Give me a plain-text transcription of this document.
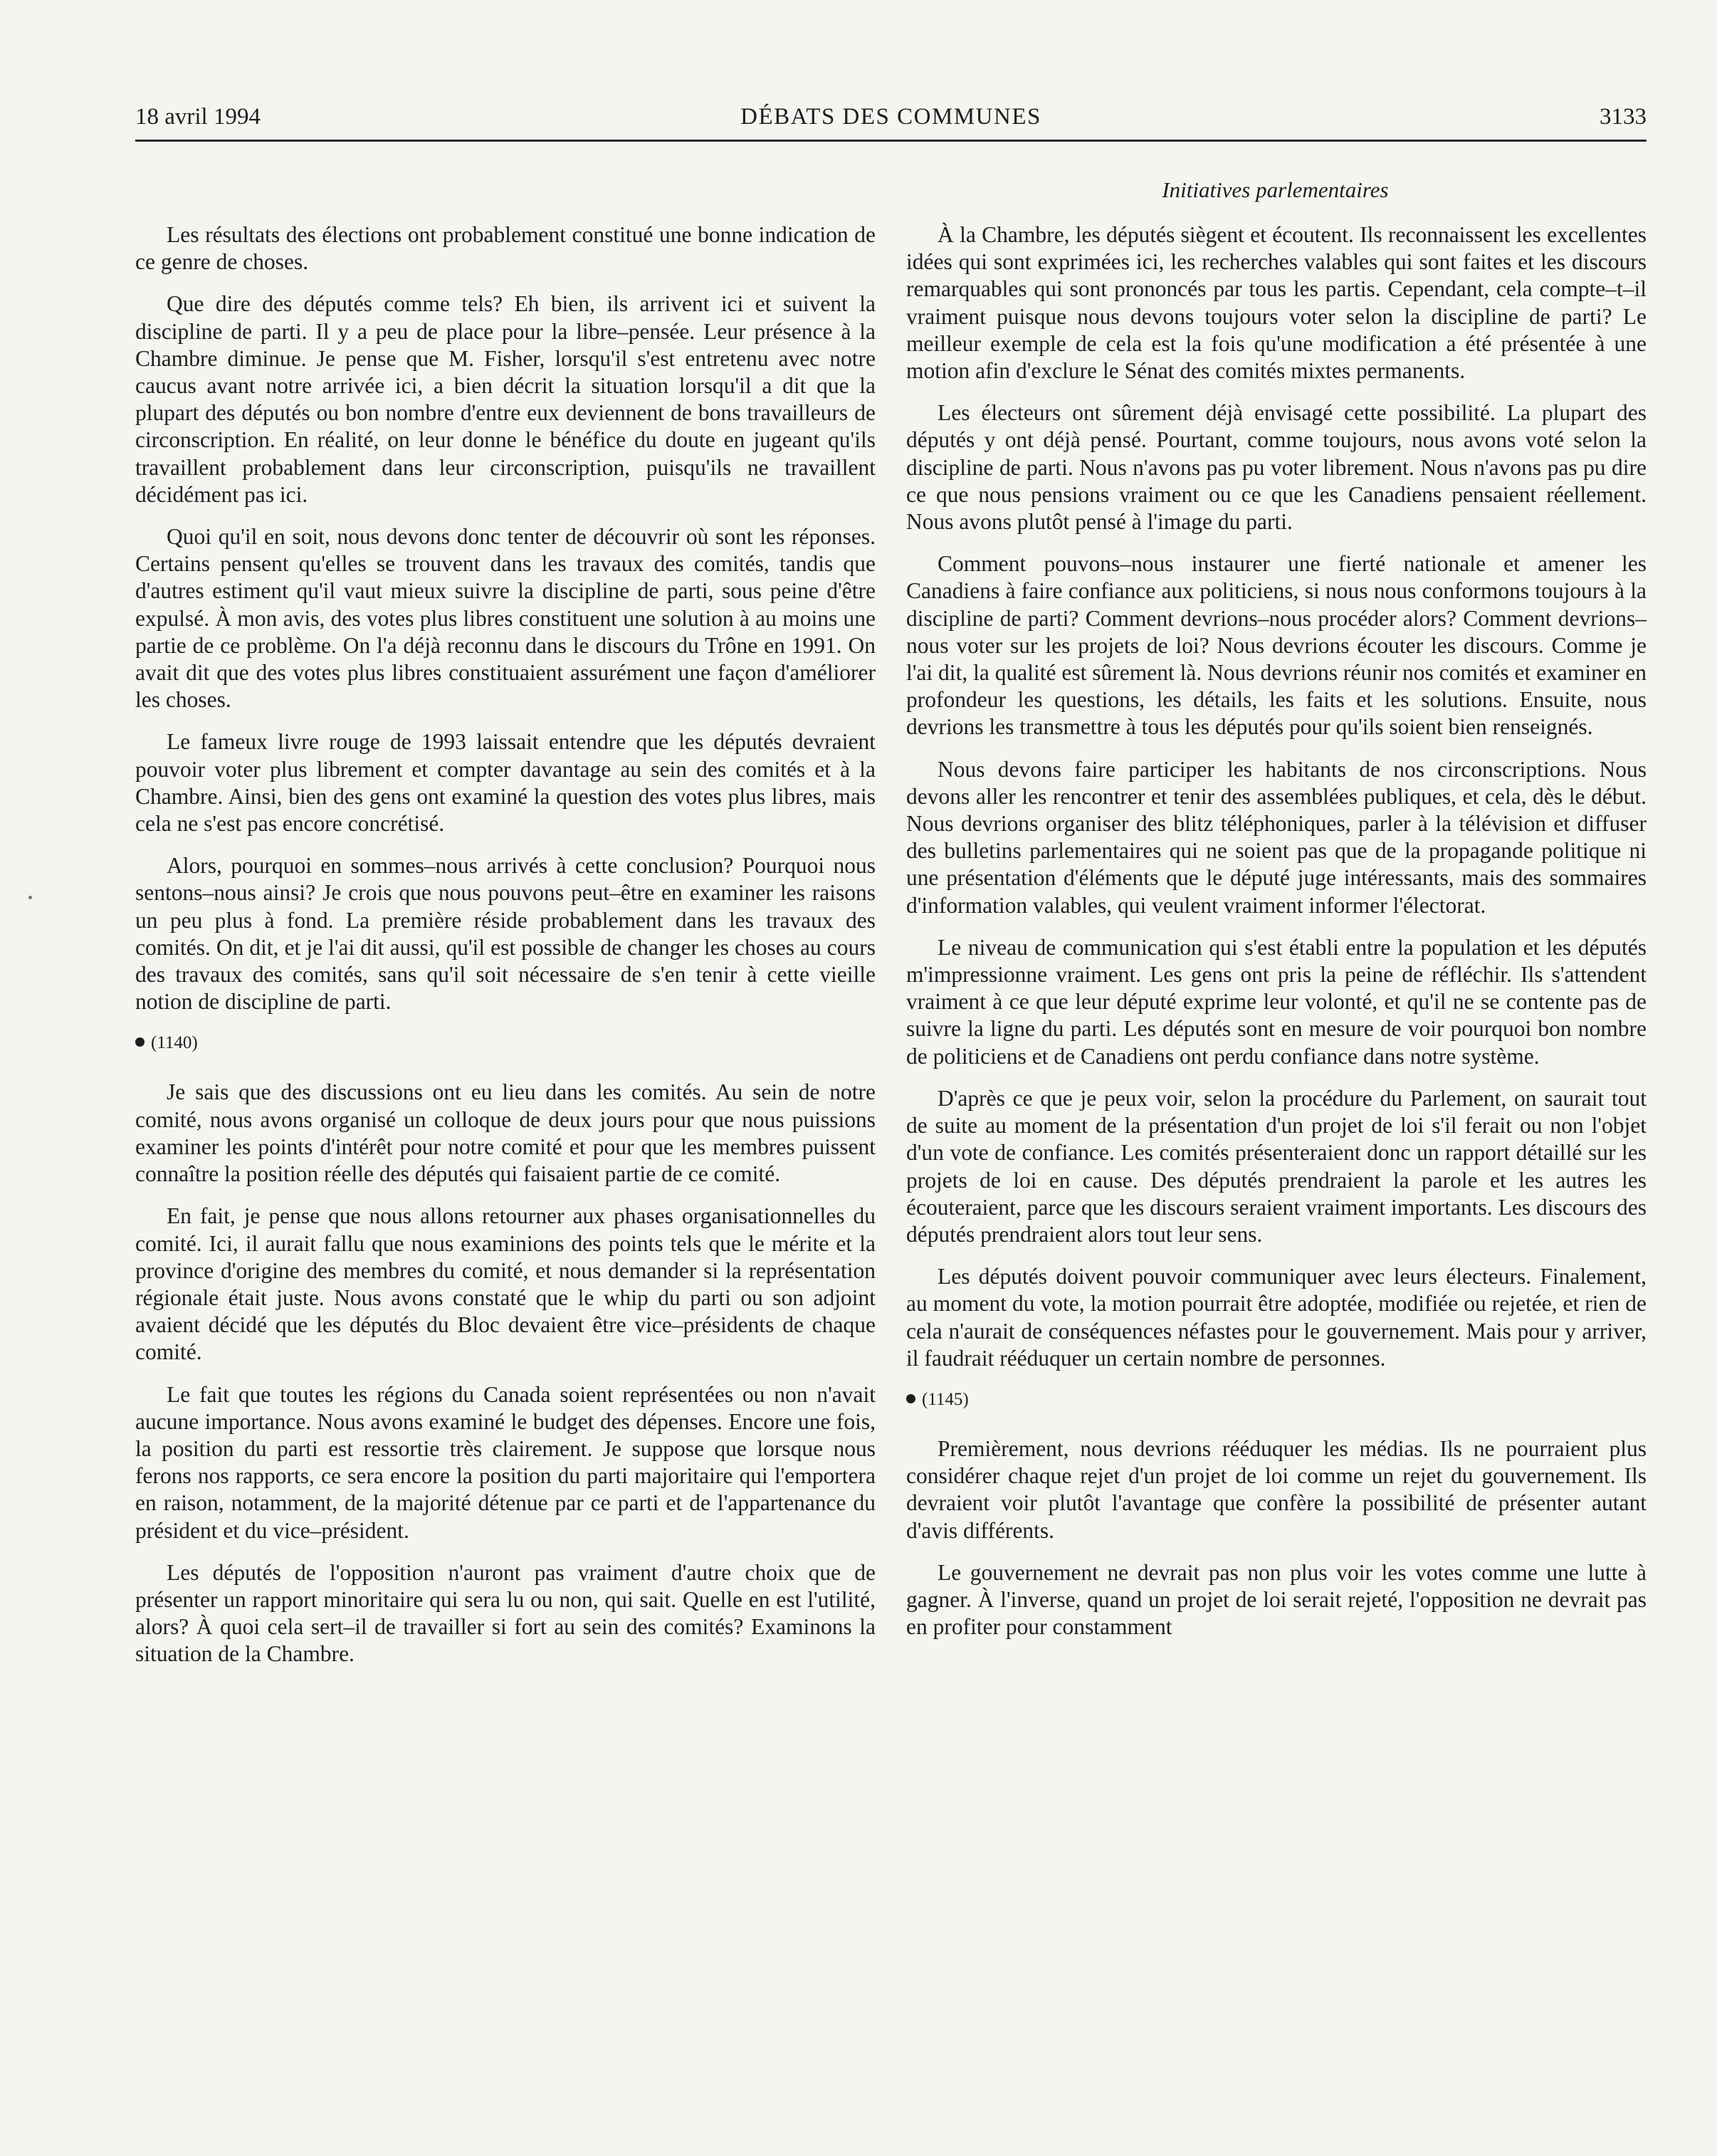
18 avril 1994	DÉBATS DES COMMUNES	3133
Initiatives parlementaires

Les résultats des élections ont probablement constitué une bonne indication de ce genre de choses.

Que dire des députés comme tels? Eh bien, ils arrivent ici et suivent la discipline de parti. Il y a peu de place pour la libre–pensée. Leur présence à la Chambre diminue. Je pense que M. Fisher, lorsqu'il s'est entretenu avec notre caucus avant notre arrivée ici, a bien décrit la situation lorsqu'il a dit que la plupart des députés ou bon nombre d'entre eux deviennent de bons travailleurs de circonscription. En réalité, on leur donne le bénéfice du doute en jugeant qu'ils travaillent probablement dans leur circonscription, puisqu'ils ne travaillent décidément pas ici.

Quoi qu'il en soit, nous devons donc tenter de découvrir où sont les réponses. Certains pensent qu'elles se trouvent dans les travaux des comités, tandis que d'autres estiment qu'il vaut mieux suivre la discipline de parti, sous peine d'être expulsé. À mon avis, des votes plus libres constituent une solution à au moins une partie de ce problème. On l'a déjà reconnu dans le discours du Trône en 1991. On avait dit que des votes plus libres constituaient assurément une façon d'améliorer les choses.

Le fameux livre rouge de 1993 laissait entendre que les députés devraient pouvoir voter plus librement et compter davantage au sein des comités et à la Chambre. Ainsi, bien des gens ont examiné la question des votes plus libres, mais cela ne s'est pas encore concrétisé.

Alors, pourquoi en sommes–nous arrivés à cette conclusion? Pourquoi nous sentons–nous ainsi? Je crois que nous pouvons peut–être en examiner les raisons un peu plus à fond. La première réside probablement dans les travaux des comités. On dit, et je l'ai dit aussi, qu'il est possible de changer les choses au cours des travaux des comités, sans qu'il soit nécessaire de s'en tenir à cette vieille notion de discipline de parti.

(1140)

Je sais que des discussions ont eu lieu dans les comités. Au sein de notre comité, nous avons organisé un colloque de deux jours pour que nous puissions examiner les points d'intérêt pour notre comité et pour que les membres puissent connaître la position réelle des députés qui faisaient partie de ce comité.

En fait, je pense que nous allons retourner aux phases organisationnelles du comité. Ici, il aurait fallu que nous examinions des points tels que le mérite et la province d'origine des membres du comité, et nous demander si la représentation régionale était juste. Nous avons constaté que le whip du parti ou son adjoint avaient décidé que les députés du Bloc devaient être vice–présidents de chaque comité.

Le fait que toutes les régions du Canada soient représentées ou non n'avait aucune importance. Nous avons examiné le budget des dépenses. Encore une fois, la position du parti est ressortie très clairement. Je suppose que lorsque nous ferons nos rapports, ce sera encore la position du parti majoritaire qui l'emportera en raison, notamment, de la majorité détenue par ce parti et de l'appartenance du président et du vice–président.

Les députés de l'opposition n'auront pas vraiment d'autre choix que de présenter un rapport minoritaire qui sera lu ou non, qui sait. Quelle en est l'utilité, alors? À quoi cela sert–il de travailler si fort au sein des comités? Examinons la situation de la Chambre.

À la Chambre, les députés siègent et écoutent. Ils reconnaissent les excellentes idées qui sont exprimées ici, les recherches valables qui sont faites et les discours remarquables qui sont prononcés par tous les partis. Cependant, cela compte–t–il vraiment puisque nous devons toujours voter selon la discipline de parti? Le meilleur exemple de cela est la fois qu'une modification a été présentée à une motion afin d'exclure le Sénat des comités mixtes permanents.

Les électeurs ont sûrement déjà envisagé cette possibilité. La plupart des députés y ont déjà pensé. Pourtant, comme toujours, nous avons voté selon la discipline de parti. Nous n'avons pas pu voter librement. Nous n'avons pas pu dire ce que nous pensions vraiment ou ce que les Canadiens pensaient réellement. Nous avons plutôt pensé à l'image du parti.

Comment pouvons–nous instaurer une fierté nationale et amener les Canadiens à faire confiance aux politiciens, si nous nous conformons toujours à la discipline de parti? Comment devrions–nous procéder alors? Comment devrions–nous voter sur les projets de loi? Nous devrions écouter les discours. Comme je l'ai dit, la qualité est sûrement là. Nous devrions réunir nos comités et examiner en profondeur les questions, les détails, les faits et les solutions. Ensuite, nous devrions les transmettre à tous les députés pour qu'ils soient bien renseignés.

Nous devons faire participer les habitants de nos circonscriptions. Nous devons aller les rencontrer et tenir des assemblées publiques, et cela, dès le début. Nous devrions organiser des blitz téléphoniques, parler à la télévision et diffuser des bulletins parlementaires qui ne soient pas que de la propagande politique ni une présentation d'éléments que le député juge intéressants, mais des sommaires d'information valables, qui veulent vraiment informer l'électorat.

Le niveau de communication qui s'est établi entre la population et les députés m'impressionne vraiment. Les gens ont pris la peine de réfléchir. Ils s'attendent vraiment à ce que leur député exprime leur volonté, et qu'il ne se contente pas de suivre la ligne du parti. Les députés sont en mesure de voir pourquoi bon nombre de politiciens et de Canadiens ont perdu confiance dans notre système.

D'après ce que je peux voir, selon la procédure du Parlement, on saurait tout de suite au moment de la présentation d'un projet de loi s'il ferait ou non l'objet d'un vote de confiance. Les comités présenteraient donc un rapport détaillé sur les projets de loi en cause. Des députés prendraient la parole et les autres les écouteraient, parce que les discours seraient vraiment importants. Les discours des députés prendraient alors tout leur sens.

Les députés doivent pouvoir communiquer avec leurs électeurs. Finalement, au moment du vote, la motion pourrait être adoptée, modifiée ou rejetée, et rien de cela n'aurait de conséquences néfastes pour le gouvernement. Mais pour y arriver, il faudrait rééduquer un certain nombre de personnes.

(1145)

Premièrement, nous devrions rééduquer les médias. Ils ne pourraient plus considérer chaque rejet d'un projet de loi comme un rejet du gouvernement. Ils devraient voir plutôt l'avantage que confère la possibilité de présenter autant d'avis différents.

Le gouvernement ne devrait pas non plus voir les votes comme une lutte à gagner. À l'inverse, quand un projet de loi serait rejeté, l'opposition ne devrait pas en profiter pour constamment
